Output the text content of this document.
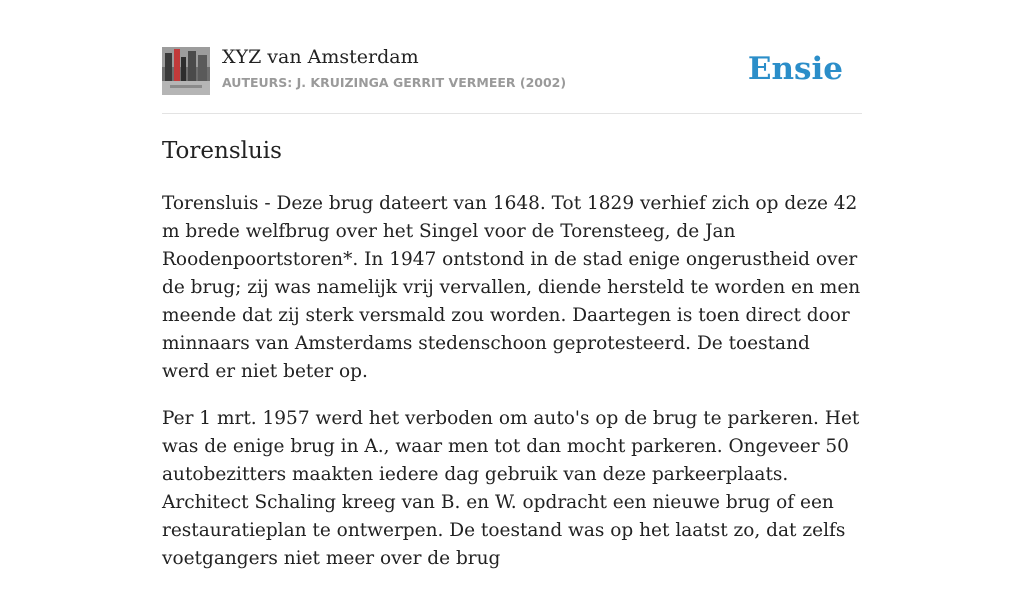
XYZ van Amsterdam
AUTEURS: J. KRUIZINGA GERRIT VERMEER (2002)	Ensie
Torensluis

Torensluis - Deze brug dateert van 1648. Tot 1829 verhief zich op deze 42 m brede welfbrug over het Singel voor de Torensteeg, de Jan Roodenpoortstoren*. In 1947 ontstond in de stad enige ongerustheid over de brug; zij was namelijk vrij vervallen, diende hersteld te worden en men meende dat zij sterk versmald zou worden. Daartegen is toen direct door minnaars van Amsterdams stedenschoon geprotesteerd. De toestand werd er niet beter op.

Per 1 mrt. 1957 werd het verboden om auto's op de brug te parkeren. Het was de enige brug in A., waar men tot dan mocht parkeren. Ongeveer 50 autobezitters maakten iedere dag gebruik van deze parkeerplaats. Architect Schaling kreeg van B. en W. opdracht een nieuwe brug of een restauratieplan te ontwerpen. De toestand was op het laatst zo, dat zelfs voetgangers niet meer over de brug
